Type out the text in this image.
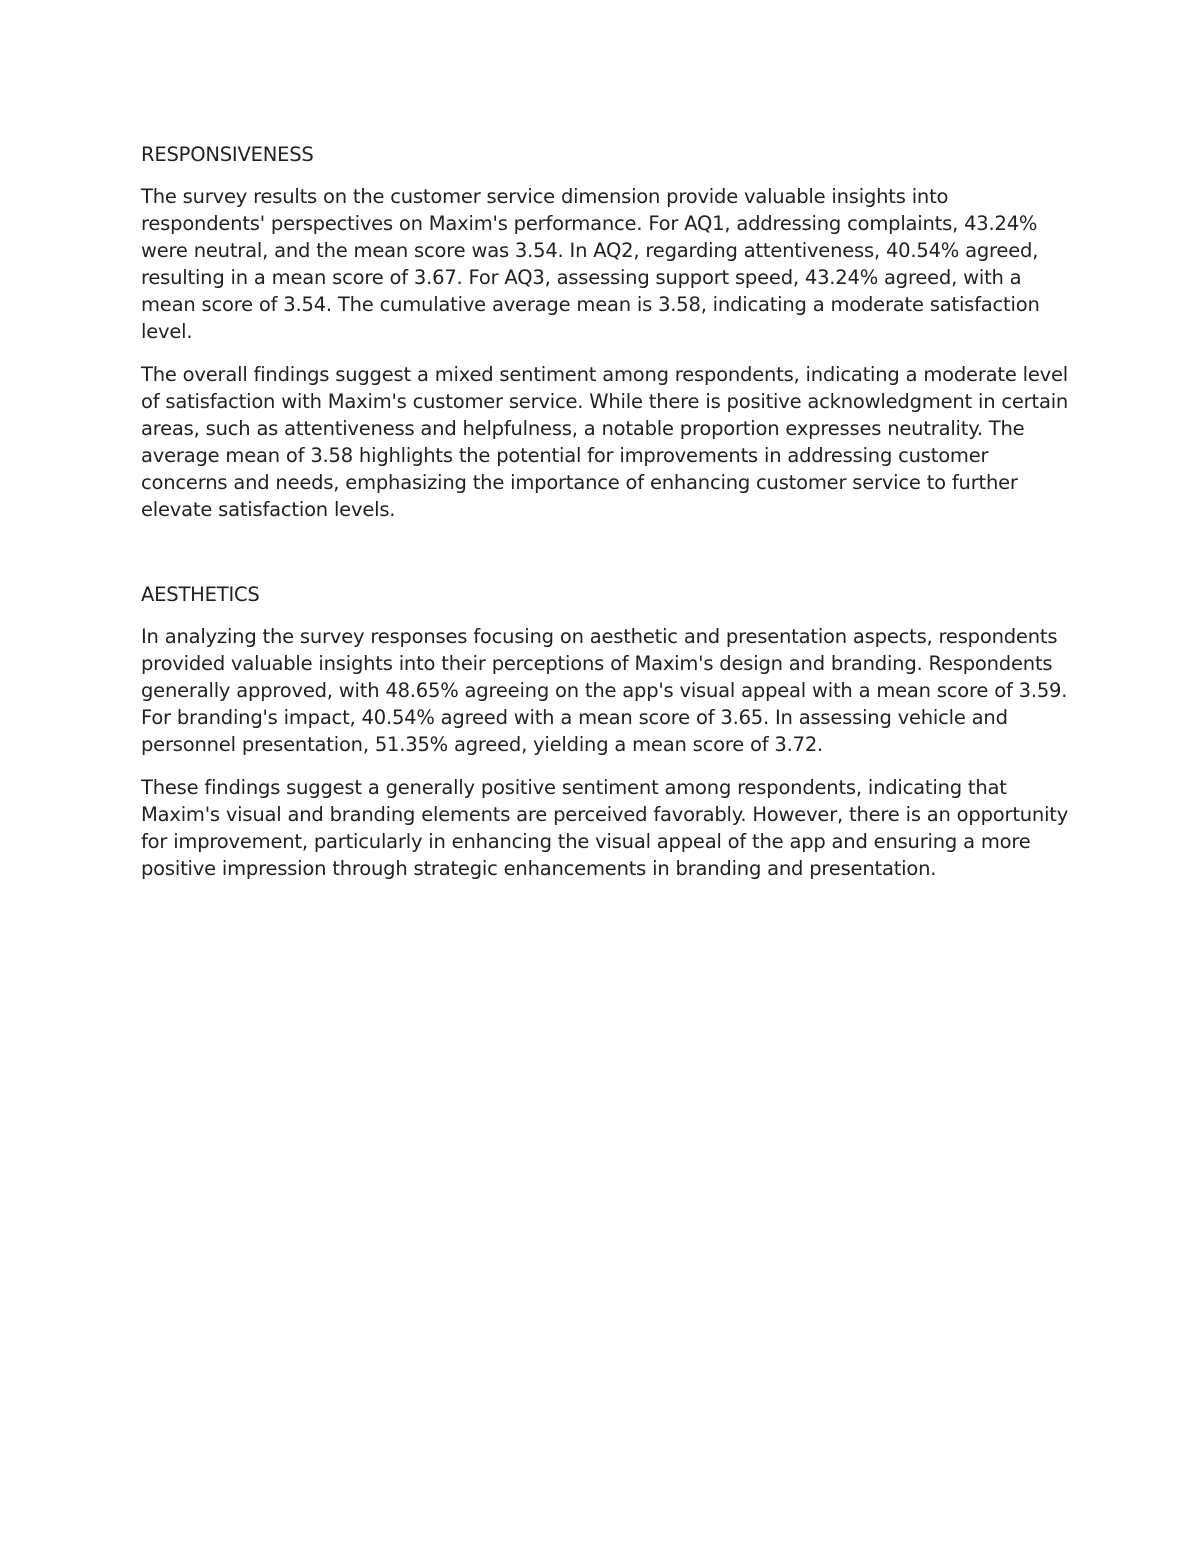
RESPONSIVENESS

The survey results on the customer service dimension provide valuable insights into respondents' perspectives on Maxim's performance. For AQ1, addressing complaints, 43.24% were neutral, and the mean score was 3.54. In AQ2, regarding attentiveness, 40.54% agreed, resulting in a mean score of 3.67. For AQ3, assessing support speed, 43.24% agreed, with a mean score of 3.54. The cumulative average mean is 3.58, indicating a moderate satisfaction level.

The overall findings suggest a mixed sentiment among respondents, indicating a moderate level of satisfaction with Maxim's customer service. While there is positive acknowledgment in certain areas, such as attentiveness and helpfulness, a notable proportion expresses neutrality. The average mean of 3.58 highlights the potential for improvements in addressing customer concerns and needs, emphasizing the importance of enhancing customer service to further elevate satisfaction levels.

AESTHETICS

In analyzing the survey responses focusing on aesthetic and presentation aspects, respondents provided valuable insights into their perceptions of Maxim's design and branding. Respondents generally approved, with 48.65% agreeing on the app's visual appeal with a mean score of 3.59. For branding's impact, 40.54% agreed with a mean score of 3.65. In assessing vehicle and personnel presentation, 51.35% agreed, yielding a mean score of 3.72.

These findings suggest a generally positive sentiment among respondents, indicating that Maxim's visual and branding elements are perceived favorably. However, there is an opportunity for improvement, particularly in enhancing the visual appeal of the app and ensuring a more positive impression through strategic enhancements in branding and presentation.
